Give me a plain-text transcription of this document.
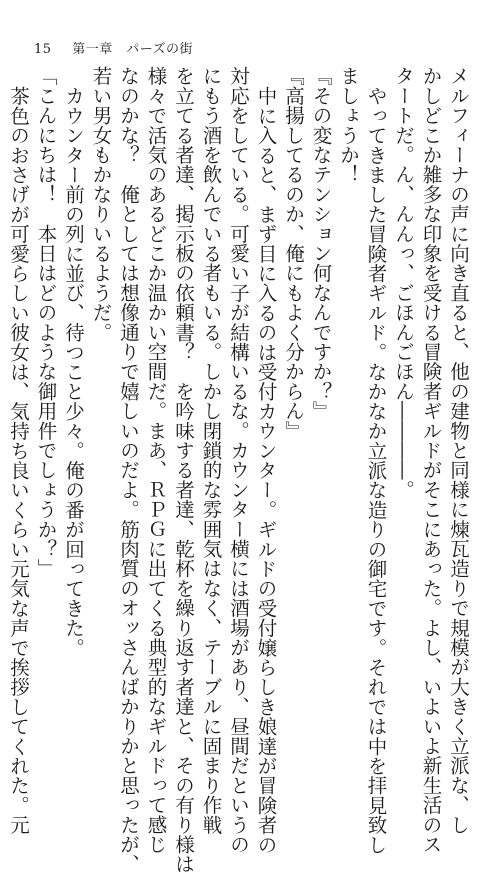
15 第一章　パーズの街
メルフィーナの声に向き直ると、他の建物と同様に煉瓦造りで規模が大きく立派な、し
かしどこか雑多な印象を受ける冒険者ギルドがそこにあった。よし、いよいよ新生活のス
タートだ。ん、んんっ、ごほんごほん――――。
やってきました冒険者ギルド。なかなか立派な造りの御宅です。それでは中を拝見致し
ましょうか！
『その変なテンション何なんですか？』
『高揚してるのか、俺にもよく分からん』
中に入ると、まず目に入るのは受付カウンター。ギルドの受付嬢らしき娘達が冒険者の
対応をしている。可愛い子が結構いるな。カウンター横には酒場があり、昼間だというの
にもう酒を飲んでいる者もいる。しかし閉鎖的な雰囲気はなく、テーブルに固まり作戦
を立てる者達、掲示板の依頼書？　を吟味する者達、乾杯を繰り返す者達と、その有り様は
様々で活気のあるどこか温かい空間だ。まあ、ＲＰＧに出てくる典型的なギルドって感じ
なのかな？　俺としては想像通りで嬉しいのだよ。筋肉質のオッさんばかりかと思ったが、
若い男女もかなりいるようだ。
カウンター前の列に並び、待つこと少々。俺の番が回ってきた。
「こんにちは！　本日はどのような御用件でしょうか？」
茶色のおさげが可愛らしい彼女は、気持ち良いくらい元気な声で挨拶してくれた。元
